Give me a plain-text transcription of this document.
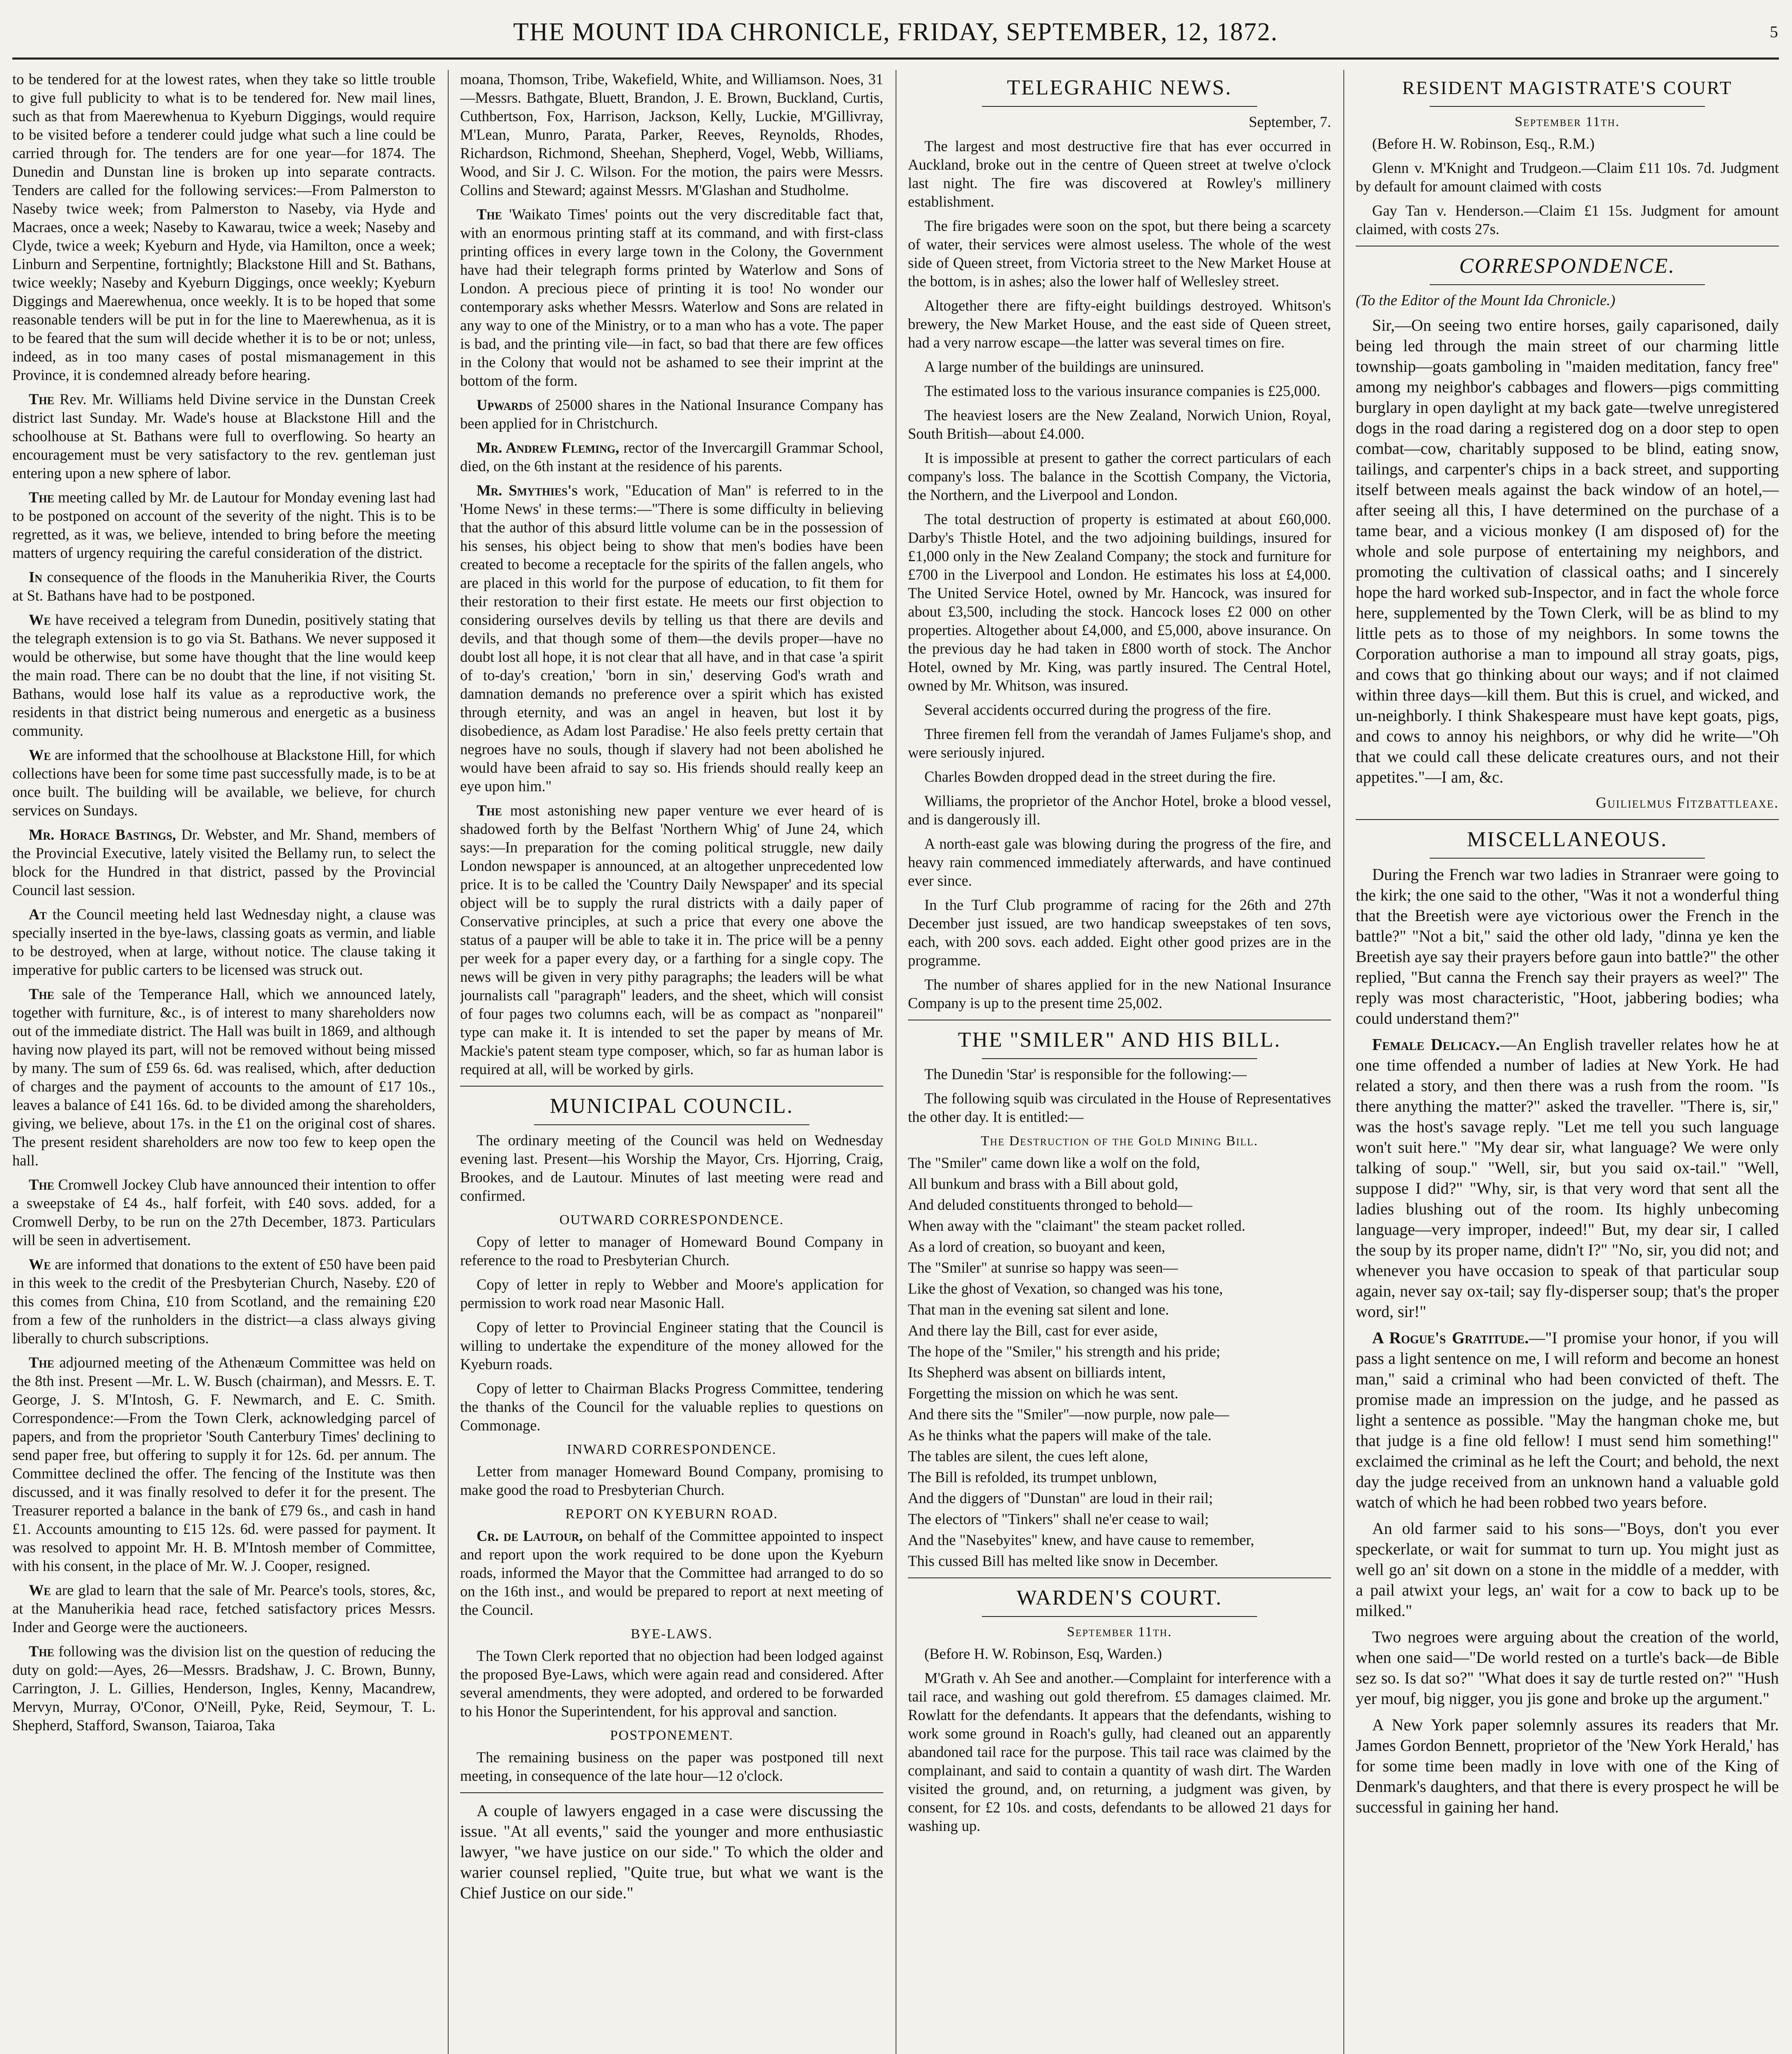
THE MOUNT IDA CHRONICLE, FRIDAY, SEPTEMBER, 12, 1872.	5

to be tendered for at the lowest rates, when they take so little trouble to give full publicity to what is to be tendered for. New mail lines, such as that from Maerewhenua to Kyeburn Diggings, would require to be visited before a tenderer could judge what such a line could be carried through for. The tenders are for one year—for 1874. The Dunedin and Dunstan line is broken up into separate contracts. Tenders are called for the following services:—From Palmerston to Naseby twice week; from Palmerston to Naseby, via Hyde and Macraes, once a week; Naseby to Kawarau, twice a week; Naseby and Clyde, twice a week; Kyeburn and Hyde, via Hamilton, once a week; Linburn and Serpentine, fortnightly; Blackstone Hill and St. Bathans, twice weekly; Naseby and Kyeburn Diggings, once weekly; Kyeburn Diggings and Maerewhenua, once weekly. It is to be hoped that some reasonable tenders will be put in for the line to Maerewhenua, as it is to be feared that the sum will decide whether it is to be or not; unless, indeed, as in too many cases of postal mismanagement in this Province, it is condemned already before hearing.

The Rev. Mr. Williams held Divine service in the Dunstan Creek district last Sunday. Mr. Wade's house at Blackstone Hill and the schoolhouse at St. Bathans were full to overflowing. So hearty an encouragement must be very satisfactory to the rev. gentleman just entering upon a new sphere of labor.

The meeting called by Mr. de Lautour for Monday evening last had to be postponed on account of the severity of the night. This is to be regretted, as it was, we believe, intended to bring before the meeting matters of urgency requiring the careful consideration of the district.

In consequence of the floods in the Manuherikia River, the Courts at St. Bathans have had to be postponed.

We have received a telegram from Dunedin, positively stating that the telegraph extension is to go via St. Bathans. We never supposed it would be otherwise, but some have thought that the line would keep the main road. There can be no doubt that the line, if not visiting St. Bathans, would lose half its value as a reproductive work, the residents in that district being numerous and energetic as a business community.

We are informed that the schoolhouse at Blackstone Hill, for which collections have been for some time past successfully made, is to be at once built. The building will be available, we believe, for church services on Sundays.

Mr. Horace Bastings, Dr. Webster, and Mr. Shand, members of the Provincial Executive, lately visited the Bellamy run, to select the block for the Hundred in that district, passed by the Provincial Council last session.

At the Council meeting held last Wednesday night, a clause was specially inserted in the bye-laws, classing goats as vermin, and liable to be destroyed, when at large, without notice. The clause taking it imperative for public carters to be licensed was struck out.

The sale of the Temperance Hall, which we announced lately, together with furniture, &c., is of interest to many shareholders now out of the immediate district. The Hall was built in 1869, and although having now played its part, will not be removed without being missed by many. The sum of £59 6s. 6d. was realised, which, after deduction of charges and the payment of accounts to the amount of £17 10s., leaves a balance of £41 16s. 6d. to be divided among the shareholders, giving, we believe, about 17s. in the £1 on the original cost of shares. The present resident shareholders are now too few to keep open the hall.

The Cromwell Jockey Club have announced their intention to offer a sweepstake of £4 4s., half forfeit, with £40 sovs. added, for a Cromwell Derby, to be run on the 27th December, 1873. Particulars will be seen in advertisement.

We are informed that donations to the extent of £50 have been paid in this week to the credit of the Presbyterian Church, Naseby. £20 of this comes from China, £10 from Scotland, and the remaining £20 from a few of the runholders in the district—a class always giving liberally to church subscriptions.

The adjourned meeting of the Athenæum Committee was held on the 8th inst. Present —Mr. L. W. Busch (chairman), and Messrs. E. T. George, J. S. M'Intosh, G. F. Newmarch, and E. C. Smith. Correspondence:—From the Town Clerk, acknowledging parcel of papers, and from the proprietor 'South Canterbury Times' declining to send paper free, but offering to supply it for 12s. 6d. per annum. The Committee declined the offer. The fencing of the Institute was then discussed, and it was finally resolved to defer it for the present. The Treasurer reported a balance in the bank of £79 6s., and cash in hand £1. Accounts amounting to £15 12s. 6d. were passed for payment. It was resolved to appoint Mr. H. B. M'Intosh member of Committee, with his consent, in the place of Mr. W. J. Cooper, resigned.

We are glad to learn that the sale of Mr. Pearce's tools, stores, &c, at the Manuherikia head race, fetched satisfactory prices Messrs. Inder and George were the auctioneers.

The following was the division list on the question of reducing the duty on gold:—Ayes, 26—Messrs. Bradshaw, J. C. Brown, Bunny, Carrington, J. L. Gillies, Henderson, Ingles, Kenny, Macandrew, Mervyn, Murray, O'Conor, O'Neill, Pyke, Reid, Seymour, T. L. Shepherd, Stafford, Swanson, Taiaroa, Taka

moana, Thomson, Tribe, Wakefield, White, and Williamson. Noes, 31—Messrs. Bathgate, Bluett, Brandon, J. E. Brown, Buckland, Curtis, Cuthbertson, Fox, Harrison, Jackson, Kelly, Luckie, M'Gillivray, M'Lean, Munro, Parata, Parker, Reeves, Reynolds, Rhodes, Richardson, Richmond, Sheehan, Shepherd, Vogel, Webb, Williams, Wood, and Sir J. C. Wilson. For the motion, the pairs were Messrs. Collins and Steward; against Messrs. M'Glashan and Studholme.

The 'Waikato Times' points out the very discreditable fact that, with an enormous printing staff at its command, and with first-class printing offices in every large town in the Colony, the Government have had their telegraph forms printed by Waterlow and Sons of London. A precious piece of printing it is too! No wonder our contemporary asks whether Messrs. Waterlow and Sons are related in any way to one of the Ministry, or to a man who has a vote. The paper is bad, and the printing vile—in fact, so bad that there are few offices in the Colony that would not be ashamed to see their imprint at the bottom of the form.

Upwards of 25000 shares in the National Insurance Company has been applied for in Christchurch.

Mr. Andrew Fleming, rector of the Invercargill Grammar School, died, on the 6th instant at the residence of his parents.

Mr. Smythies's work, "Education of Man" is referred to in the 'Home News' in these terms:—"There is some difficulty in believing that the author of this absurd little volume can be in the possession of his senses, his object being to show that men's bodies have been created to become a receptacle for the spirits of the fallen angels, who are placed in this world for the purpose of education, to fit them for their restoration to their first estate. He meets our first objection to considering ourselves devils by telling us that there are devils and devils, and that though some of them—the devils proper—have no doubt lost all hope, it is not clear that all have, and in that case 'a spirit of to-day's creation,' 'born in sin,' deserving God's wrath and damnation demands no preference over a spirit which has existed through eternity, and was an angel in heaven, but lost it by disobedience, as Adam lost Paradise.' He also feels pretty certain that negroes have no souls, though if slavery had not been abolished he would have been afraid to say so. His friends should really keep an eye upon him."

The most astonishing new paper venture we ever heard of is shadowed forth by the Belfast 'Northern Whig' of June 24, which says:—In preparation for the coming political struggle, new daily London newspaper is announced, at an altogether unprecedented low price. It is to be called the 'Country Daily Newspaper' and its special object will be to supply the rural districts with a daily paper of Conservative principles, at such a price that every one above the status of a pauper will be able to take it in. The price will be a penny per week for a paper every day, or a farthing for a single copy. The news will be given in very pithy paragraphs; the leaders will be what journalists call "paragraph" leaders, and the sheet, which will consist of four pages two columns each, will be as compact as "nonpareil" type can make it. It is intended to set the paper by means of Mr. Mackie's patent steam type composer, which, so far as human labor is required at all, will be worked by girls.

MUNICIPAL COUNCIL.

The ordinary meeting of the Council was held on Wednesday evening last. Present—his Worship the Mayor, Crs. Hjorring, Craig, Brookes, and de Lautour. Minutes of last meeting were read and confirmed.

OUTWARD CORRESPONDENCE.

Copy of letter to manager of Homeward Bound Company in reference to the road to Presbyterian Church.

Copy of letter in reply to Webber and Moore's application for permission to work road near Masonic Hall.

Copy of letter to Provincial Engineer stating that the Council is willing to undertake the expenditure of the money allowed for the Kyeburn roads.

Copy of letter to Chairman Blacks Progress Committee, tendering the thanks of the Council for the valuable replies to questions on Commonage.

INWARD CORRESPONDENCE.

Letter from manager Homeward Bound Company, promising to make good the road to Presbyterian Church.

REPORT ON KYEBURN ROAD.

Cr. de Lautour, on behalf of the Committee appointed to inspect and report upon the work required to be done upon the Kyeburn roads, informed the Mayor that the Committee had arranged to do so on the 16th inst., and would be prepared to report at next meeting of the Council.

BYE-LAWS.

The Town Clerk reported that no objection had been lodged against the proposed Bye-Laws, which were again read and considered. After several amendments, they were adopted, and ordered to be forwarded to his Honor the Superintendent, for his approval and sanction.

POSTPONEMENT.

The remaining business on the paper was postponed till next meeting, in consequence of the late hour—12 o'clock.

A couple of lawyers engaged in a case were discussing the issue. "At all events," said the younger and more enthusiastic lawyer, "we have justice on our side." To which the older and warier counsel replied, "Quite true, but what we want is the Chief Justice on our side."

TELEGRAHIC NEWS.

September, 7.

The largest and most destructive fire that has ever occurred in Auckland, broke out in the centre of Queen street at twelve o'clock last night. The fire was discovered at Rowley's millinery establishment.

The fire brigades were soon on the spot, but there being a scarcety of water, their services were almost useless. The whole of the west side of Queen street, from Victoria street to the New Market House at the bottom, is in ashes; also the lower half of Wellesley street.

Altogether there are fifty-eight buildings destroyed. Whitson's brewery, the New Market House, and the east side of Queen street, had a very narrow escape—the latter was several times on fire.

A large number of the buildings are uninsured.

The estimated loss to the various insurance companies is £25,000.

The heaviest losers are the New Zealand, Norwich Union, Royal, South British—about £4.000.

It is impossible at present to gather the correct particulars of each company's loss. The balance in the Scottish Company, the Victoria, the Northern, and the Liverpool and London.

The total destruction of property is estimated at about £60,000. Darby's Thistle Hotel, and the two adjoining buildings, insured for £1,000 only in the New Zealand Company; the stock and furniture for £700 in the Liverpool and London. He estimates his loss at £4,000. The United Service Hotel, owned by Mr. Hancock, was insured for about £3,500, including the stock. Hancock loses £2 000 on other properties. Altogether about £4,000, and £5,000, above insurance. On the previous day he had taken in £800 worth of stock. The Anchor Hotel, owned by Mr. King, was partly insured. The Central Hotel, owned by Mr. Whitson, was insured.

Several accidents occurred during the progress of the fire.

Three firemen fell from the verandah of James Fuljame's shop, and were seriously injured.

Charles Bowden dropped dead in the street during the fire.

Williams, the proprietor of the Anchor Hotel, broke a blood vessel, and is dangerously ill.

A north-east gale was blowing during the progress of the fire, and heavy rain commenced immediately afterwards, and have continued ever since.

In the Turf Club programme of racing for the 26th and 27th December just issued, are two handicap sweepstakes of ten sovs, each, with 200 sovs. each added. Eight other good prizes are in the programme.

The number of shares applied for in the new National Insurance Company is up to the present time 25,002.

THE "SMILER" AND HIS BILL.

The Dunedin 'Star' is responsible for the following:—

The following squib was circulated in the House of Representatives the other day. It is entitled:—

The Destruction of the Gold Mining Bill.

The "Smiler" came down like a wolf on the fold,

All bunkum and brass with a Bill about gold,

And deluded constituents thronged to behold—

When away with the "claimant" the steam packet rolled.

As a lord of creation, so buoyant and keen,

The "Smiler" at sunrise so happy was seen—

Like the ghost of Vexation, so changed was his tone,

That man in the evening sat silent and lone.

And there lay the Bill, cast for ever aside,

The hope of the "Smiler," his strength and his pride;

Its Shepherd was absent on billiards intent,

Forgetting the mission on which he was sent.

And there sits the "Smiler"—now purple, now pale—

As he thinks what the papers will make of the tale.

The tables are silent, the cues left alone,

The Bill is refolded, its trumpet unblown,

And the diggers of "Dunstan" are loud in their rail;

The electors of "Tinkers" shall ne'er cease to wail;

And the "Nasebyites" knew, and have cause to remember,

This cussed Bill has melted like snow in December.

WARDEN'S COURT.

September 11th.

(Before H. W. Robinson, Esq, Warden.)

M'Grath v. Ah See and another.—Complaint for interference with a tail race, and washing out gold therefrom. £5 damages claimed. Mr. Rowlatt for the defendants. It appears that the defendants, wishing to work some ground in Roach's gully, had cleaned out an apparently abandoned tail race for the purpose. This tail race was claimed by the complainant, and said to contain a quantity of wash dirt. The Warden visited the ground, and, on returning, a judgment was given, by consent, for £2 10s. and costs, defendants to be allowed 21 days for washing up.

RESIDENT MAGISTRATE'S COURT

September 11th.

(Before H. W. Robinson, Esq., R.M.)

Glenn v. M'Knight and Trudgeon.—Claim £11 10s. 7d. Judgment by default for amount claimed with costs

Gay Tan v. Henderson.—Claim £1 15s. Judgment for amount claimed, with costs 27s.

CORRESPONDENCE.

(To the Editor of the Mount Ida Chronicle.)

Sir,—On seeing two entire horses, gaily caparisoned, daily being led through the main street of our charming little township—goats gamboling in "maiden meditation, fancy free" among my neighbor's cabbages and flowers—pigs committing burglary in open daylight at my back gate—twelve unregistered dogs in the road daring a registered dog on a door step to open combat—cow, charitably supposed to be blind, eating snow, tailings, and carpenter's chips in a back street, and supporting itself between meals against the back window of an hotel,—after seeing all this, I have determined on the purchase of a tame bear, and a vicious monkey (I am disposed of) for the whole and sole purpose of entertaining my neighbors, and promoting the cultivation of classical oaths; and I sincerely hope the hard worked sub-Inspector, and in fact the whole force here, supplemented by the Town Clerk, will be as blind to my little pets as to those of my neighbors. In some towns the Corporation authorise a man to impound all stray goats, pigs, and cows that go thinking about our ways; and if not claimed within three days—kill them. But this is cruel, and wicked, and un-neighborly. I think Shakespeare must have kept goats, pigs, and cows to annoy his neighbors, or why did he write—"Oh that we could call these delicate creatures ours, and not their appetites."—I am, &c.

Guilielmus Fitzbattleaxe.

MISCELLANEOUS.

During the French war two ladies in Stranraer were going to the kirk; the one said to the other, "Was it not a wonderful thing that the Breetish were aye victorious ower the French in the battle?" "Not a bit," said the other old lady, "dinna ye ken the Breetish aye say their prayers before gaun into battle?" the other replied, "But canna the French say their prayers as weel?" The reply was most characteristic, "Hoot, jabbering bodies; wha could understand them?"

Female Delicacy.—An English traveller relates how he at one time offended a number of ladies at New York. He had related a story, and then there was a rush from the room. "Is there anything the matter?" asked the traveller. "There is, sir," was the host's savage reply. "Let me tell you such language won't suit here." "My dear sir, what language? We were only talking of soup." "Well, sir, but you said ox-tail." "Well, suppose I did?" "Why, sir, is that very word that sent all the ladies blushing out of the room. Its highly unbecoming language—very improper, indeed!" But, my dear sir, I called the soup by its proper name, didn't I?" "No, sir, you did not; and whenever you have occasion to speak of that particular soup again, never say ox-tail; say fly-disperser soup; that's the proper word, sir!"

A Rogue's Gratitude.—"I promise your honor, if you will pass a light sentence on me, I will reform and become an honest man," said a criminal who had been convicted of theft. The promise made an impression on the judge, and he passed as light a sentence as possible. "May the hangman choke me, but that judge is a fine old fellow! I must send him something!" exclaimed the criminal as he left the Court; and behold, the next day the judge received from an unknown hand a valuable gold watch of which he had been robbed two years before.

An old farmer said to his sons—"Boys, don't you ever speckerlate, or wait for summat to turn up. You might just as well go an' sit down on a stone in the middle of a medder, with a pail atwixt your legs, an' wait for a cow to back up to be milked."

Two negroes were arguing about the creation of the world, when one said—"De world rested on a turtle's back—de Bible sez so. Is dat so?" "What does it say de turtle rested on?" "Hush yer mouf, big nigger, you jis gone and broke up the argument."

A New York paper solemnly assures its readers that Mr. James Gordon Bennett, proprietor of the 'New York Herald,' has for some time been madly in love with one of the King of Denmark's daughters, and that there is every prospect he will be successful in gaining her hand.
